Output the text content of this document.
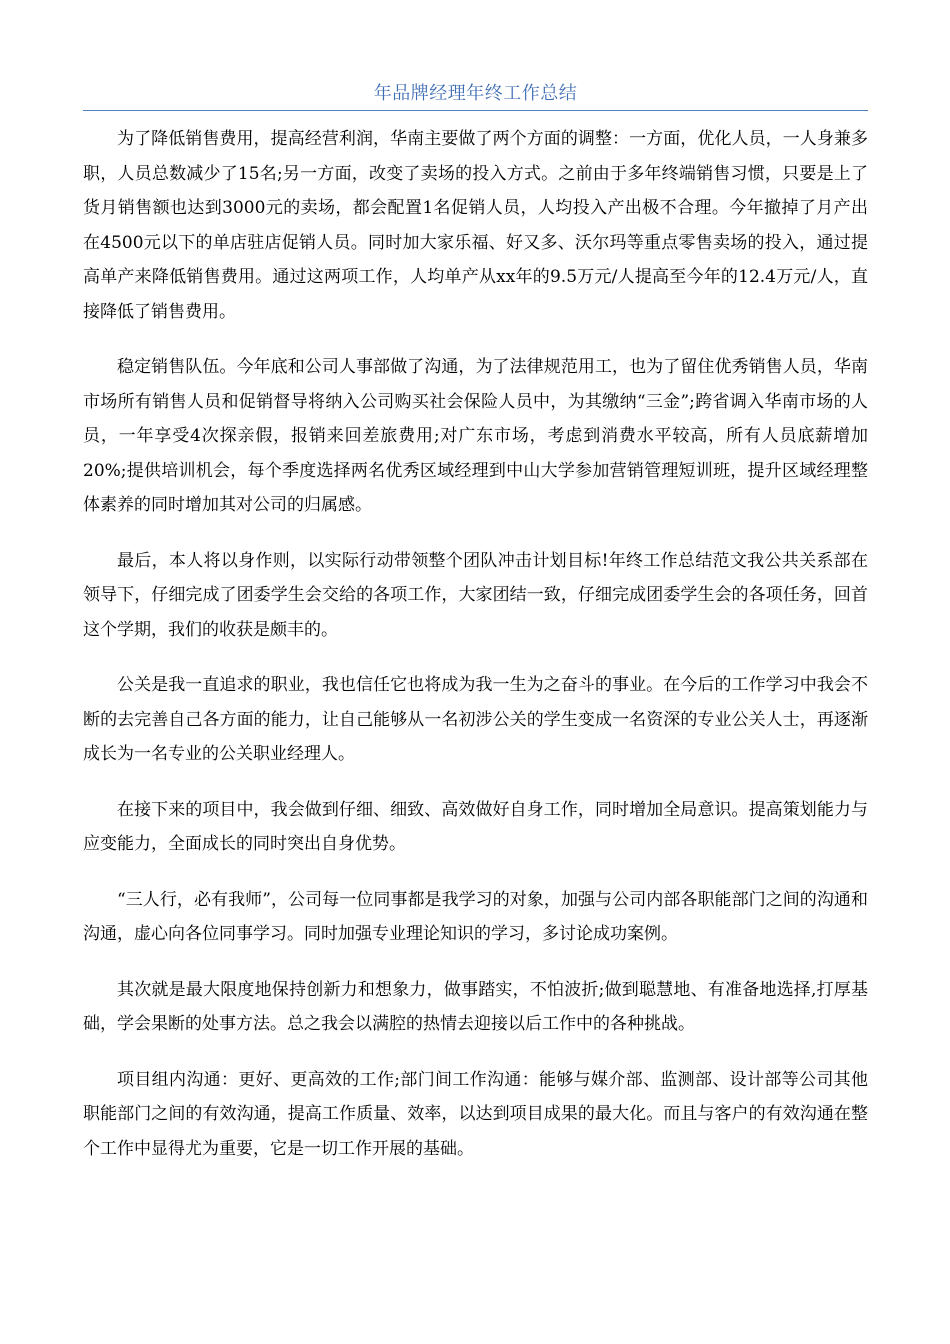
年品牌经理年终工作总结

为了降低销售费用，提高经营利润，华南主要做了两个方面的调整：一方面，优化人员，一人身兼多职，人员总数减少了15名;另一方面，改变了卖场的投入方式。之前由于多年终端销售习惯，只要是上了货月销售额也达到3000元的卖场，都会配置1名促销人员，人均投入产出极不合理。今年撤掉了月产出在4500元以下的单店驻店促销人员。同时加大家乐福、好又多、沃尔玛等重点零售卖场的投入，通过提高单产来降低销售费用。通过这两项工作，人均单产从xx年的9.5万元/人提高至今年的12.4万元/人，直接降低了销售费用。

稳定销售队伍。今年底和公司人事部做了沟通，为了法律规范用工，也为了留住优秀销售人员，华南市场所有销售人员和促销督导将纳入公司购买社会保险人员中，为其缴纳“三金”;跨省调入华南市场的人员，一年享受4次探亲假，报销来回差旅费用;对广东市场，考虑到消费水平较高，所有人员底薪增加20%;提供培训机会，每个季度选择两名优秀区域经理到中山大学参加营销管理短训班，提升区域经理整体素养的同时增加其对公司的归属感。

最后，本人将以身作则，以实际行动带领整个团队冲击计划目标!年终工作总结范文我公共关系部在领导下，仔细完成了团委学生会交给的各项工作，大家团结一致，仔细完成团委学生会的各项任务，回首这个学期，我们的收获是颇丰的。

公关是我一直追求的职业，我也信任它也将成为我一生为之奋斗的事业。在今后的工作学习中我会不断的去完善自己各方面的能力，让自己能够从一名初涉公关的学生变成一名资深的专业公关人士，再逐渐成长为一名专业的公关职业经理人。

在接下来的项目中，我会做到仔细、细致、高效做好自身工作，同时增加全局意识。提高策划能力与应变能力，全面成长的同时突出自身优势。

“三人行，必有我师”，公司每一位同事都是我学习的对象，加强与公司内部各职能部门之间的沟通和沟通，虚心向各位同事学习。同时加强专业理论知识的学习，多讨论成功案例。

其次就是最大限度地保持创新力和想象力，做事踏实，不怕波折;做到聪慧地、有准备地选择,打厚基础，学会果断的处事方法。总之我会以满腔的热情去迎接以后工作中的各种挑战。

项目组内沟通：更好、更高效的工作;部门间工作沟通：能够与媒介部、监测部、设计部等公司其他职能部门之间的有效沟通，提高工作质量、效率，以达到项目成果的最大化。而且与客户的有效沟通在整个工作中显得尤为重要，它是一切工作开展的基础。
